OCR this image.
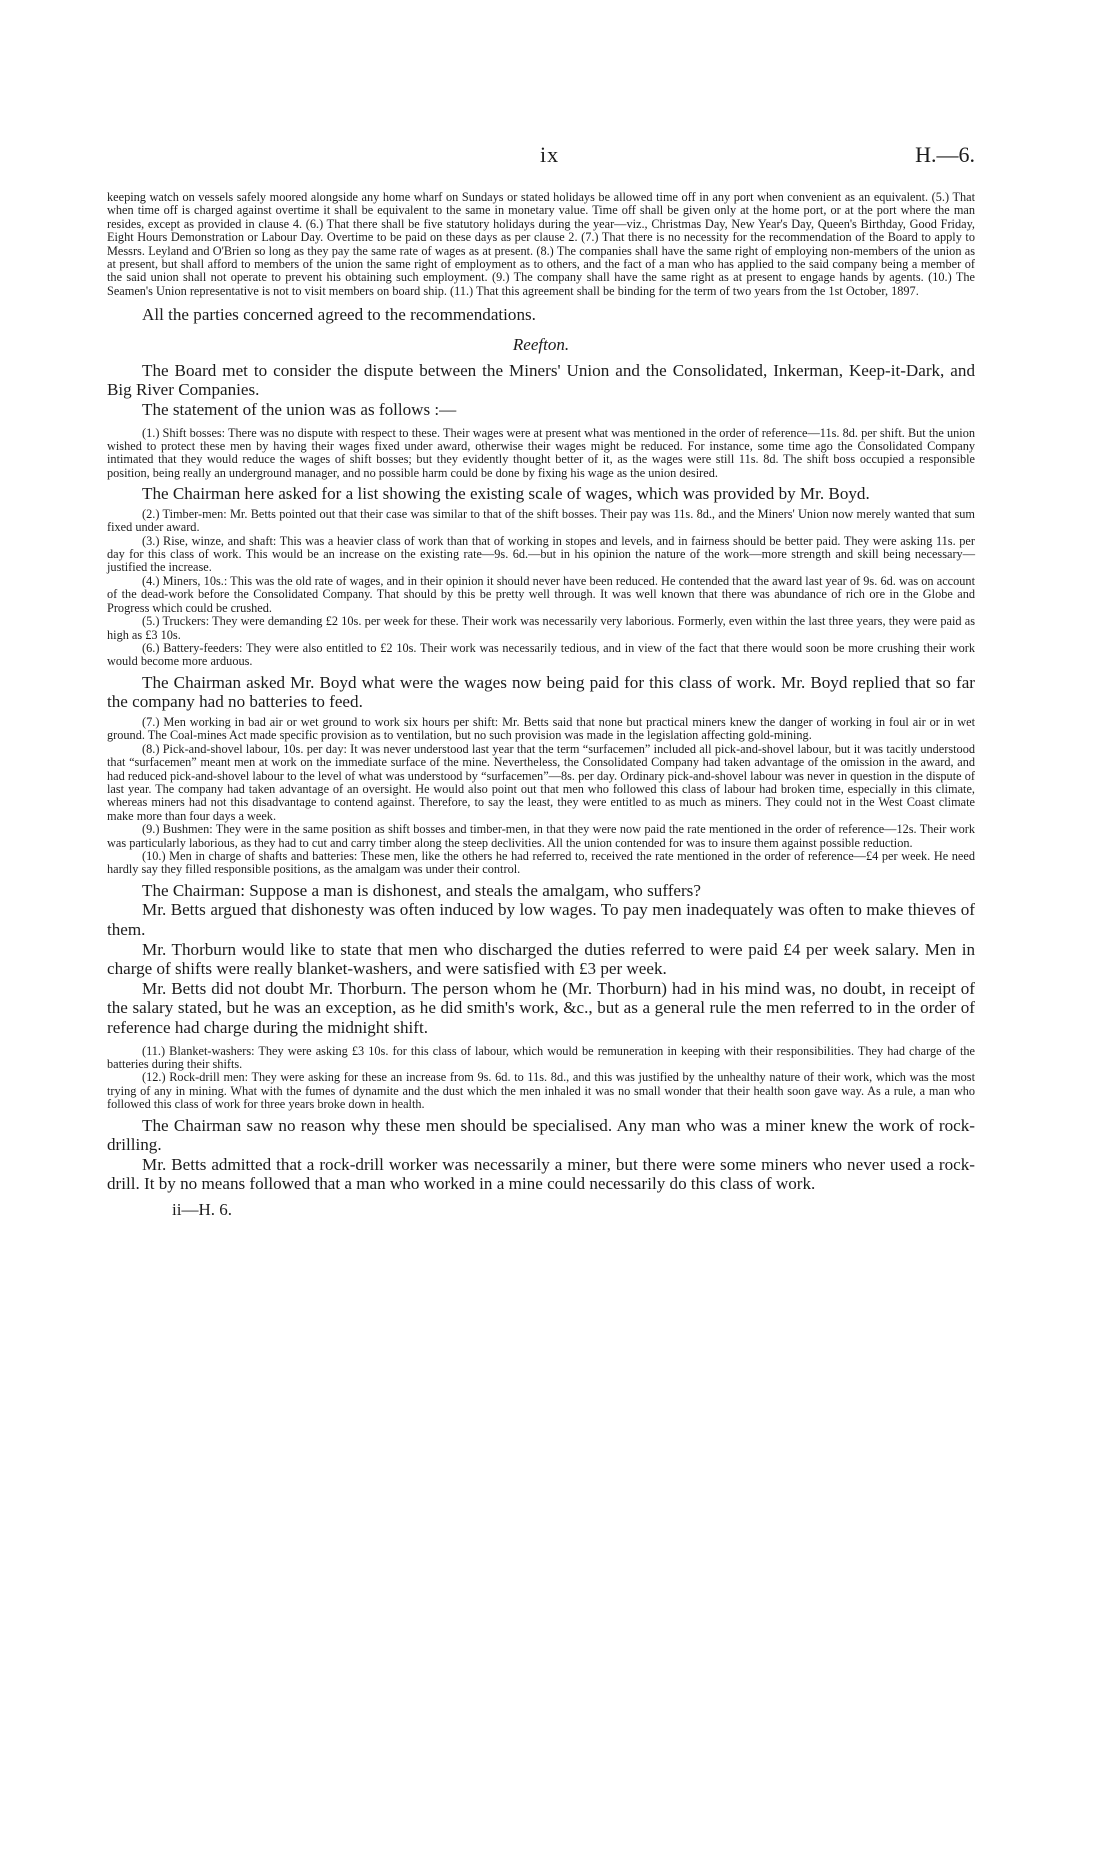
ix	H.—6.

keeping watch on vessels safely moored alongside any home wharf on Sundays or stated holidays be allowed time off in any port when convenient as an equivalent. (5.) That when time off is charged against overtime it shall be equivalent to the same in monetary value. Time off shall be given only at the home port, or at the port where the man resides, except as provided in clause 4. (6.) That there shall be five statutory holidays during the year—viz., Christmas Day, New Year's Day, Queen's Birthday, Good Friday, Eight Hours Demonstration or Labour Day. Overtime to be paid on these days as per clause 2. (7.) That there is no necessity for the recommendation of the Board to apply to Messrs. Leyland and O'Brien so long as they pay the same rate of wages as at present. (8.) The companies shall have the same right of employing non-members of the union as at present, but shall afford to members of the union the same right of employment as to others, and the fact of a man who has applied to the said company being a member of the said union shall not operate to prevent his obtaining such employment. (9.) The company shall have the same right as at present to engage hands by agents. (10.) The Seamen's Union representative is not to visit members on board ship. (11.) That this agreement shall be binding for the term of two years from the 1st October, 1897.

All the parties concerned agreed to the recommendations.

Reefton.

The Board met to consider the dispute between the Miners' Union and the Consolidated, Inkerman, Keep-it-Dark, and Big River Companies.

The statement of the union was as follows :—

(1.) Shift bosses: There was no dispute with respect to these. Their wages were at present what was mentioned in the order of reference—11s. 8d. per shift. But the union wished to protect these men by having their wages fixed under award, otherwise their wages might be reduced. For instance, some time ago the Consolidated Company intimated that they would reduce the wages of shift bosses; but they evidently thought better of it, as the wages were still 11s. 8d. The shift boss occupied a responsible position, being really an underground manager, and no possible harm could be done by fixing his wage as the union desired.

The Chairman here asked for a list showing the existing scale of wages, which was provided by Mr. Boyd.

(2.) Timber-men: Mr. Betts pointed out that their case was similar to that of the shift bosses. Their pay was 11s. 8d., and the Miners' Union now merely wanted that sum fixed under award.

(3.) Rise, winze, and shaft: This was a heavier class of work than that of working in stopes and levels, and in fairness should be better paid. They were asking 11s. per day for this class of work. This would be an increase on the existing rate—9s. 6d.—but in his opinion the nature of the work—more strength and skill being necessary—justified the increase.

(4.) Miners, 10s.: This was the old rate of wages, and in their opinion it should never have been reduced. He contended that the award last year of 9s. 6d. was on account of the dead-work before the Consolidated Company. That should by this be pretty well through. It was well known that there was abundance of rich ore in the Globe and Progress which could be crushed.

(5.) Truckers: They were demanding £2 10s. per week for these. Their work was necessarily very laborious. Formerly, even within the last three years, they were paid as high as £3 10s.

(6.) Battery-feeders: They were also entitled to £2 10s. Their work was necessarily tedious, and in view of the fact that there would soon be more crushing their work would become more arduous.

The Chairman asked Mr. Boyd what were the wages now being paid for this class of work. Mr. Boyd replied that so far the company had no batteries to feed.

(7.) Men working in bad air or wet ground to work six hours per shift: Mr. Betts said that none but practical miners knew the danger of working in foul air or in wet ground. The Coal-mines Act made specific provision as to ventilation, but no such provision was made in the legislation affecting gold-mining.

(8.) Pick-and-shovel labour, 10s. per day: It was never understood last year that the term “surfacemen” included all pick-and-shovel labour, but it was tacitly understood that “surfacemen” meant men at work on the immediate surface of the mine. Nevertheless, the Consolidated Company had taken advantage of the omission in the award, and had reduced pick-and-shovel labour to the level of what was understood by “surfacemen”—8s. per day. Ordinary pick-and-shovel labour was never in question in the dispute of last year. The company had taken advantage of an oversight. He would also point out that men who followed this class of labour had broken time, especially in this climate, whereas miners had not this disadvantage to contend against. Therefore, to say the least, they were entitled to as much as miners. They could not in the West Coast climate make more than four days a week.

(9.) Bushmen: They were in the same position as shift bosses and timber-men, in that they were now paid the rate mentioned in the order of reference—12s. Their work was particularly laborious, as they had to cut and carry timber along the steep declivities. All the union contended for was to insure them against possible reduction.

(10.) Men in charge of shafts and batteries: These men, like the others he had referred to, received the rate mentioned in the order of reference—£4 per week. He need hardly say they filled responsible positions, as the amalgam was under their control.

The Chairman: Suppose a man is dishonest, and steals the amalgam, who suffers?

Mr. Betts argued that dishonesty was often induced by low wages. To pay men inadequately was often to make thieves of them.

Mr. Thorburn would like to state that men who discharged the duties referred to were paid £4 per week salary. Men in charge of shifts were really blanket-washers, and were satisfied with £3 per week.

Mr. Betts did not doubt Mr. Thorburn. The person whom he (Mr. Thorburn) had in his mind was, no doubt, in receipt of the salary stated, but he was an exception, as he did smith's work, &c., but as a general rule the men referred to in the order of reference had charge during the midnight shift.

(11.) Blanket-washers: They were asking £3 10s. for this class of labour, which would be remuneration in keeping with their responsibilities. They had charge of the batteries during their shifts.

(12.) Rock-drill men: They were asking for these an increase from 9s. 6d. to 11s. 8d., and this was justified by the unhealthy nature of their work, which was the most trying of any in mining. What with the fumes of dynamite and the dust which the men inhaled it was no small wonder that their health soon gave way. As a rule, a man who followed this class of work for three years broke down in health.

The Chairman saw no reason why these men should be specialised. Any man who was a miner knew the work of rock-drilling.

Mr. Betts admitted that a rock-drill worker was necessarily a miner, but there were some miners who never used a rock-drill. It by no means followed that a man who worked in a mine could necessarily do this class of work.

ii—H. 6.
